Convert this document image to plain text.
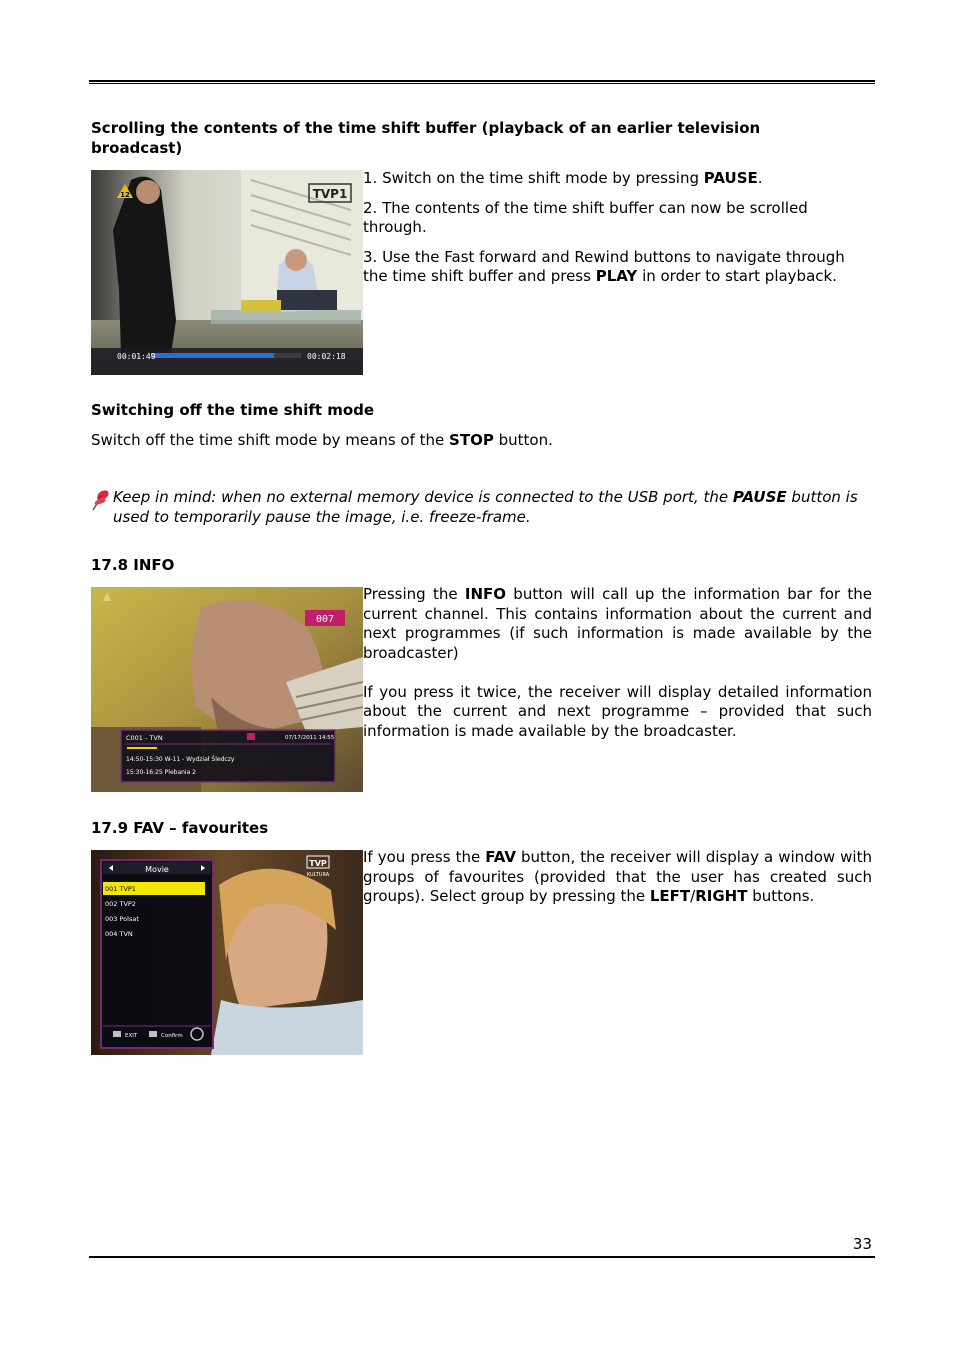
Scrolling the contents of the time shift buffer (playback of an earlier television broadcast)

12	TVP1
00:01:49	00:02:18

1. Switch on the time shift mode by pressing PAUSE.

2. The contents of the time shift buffer can now be scrolled through.

3. Use the Fast forward and Rewind buttons to navigate through the time shift buffer and press PLAY in order to start playback.

Switching off the time shift mode

Switch off the time shift mode by means of the STOP button.

Keep in mind: when no external memory device is connected to the USB port, the PAUSE button is used to temporarily pause the image, i.e. freeze-frame.

17.8 INFO

007
C001 - TVN	07/17/2011 14:55
14:50-15:30 W-11 - Wydział Śledczy
15:30-16:25 Plebania 2

Pressing the INFO button will call up the information bar for the current channel. This contains information about the current and next programmes (if such information is made available by the broadcaster)

If you press it twice, the receiver will display detailed information about the current and next programme – provided that such information is made available by the broadcaster.

17.9 FAV – favourites

Movie
001 TVP1
002 TVP2
003 Polsat
004 TVN
EXIT	Confirm
TVP
KULTURA

If you press the FAV button, the receiver will display a window with groups of favourites (provided that the user has created such groups). Select group by pressing the LEFT/RIGHT buttons.

33
